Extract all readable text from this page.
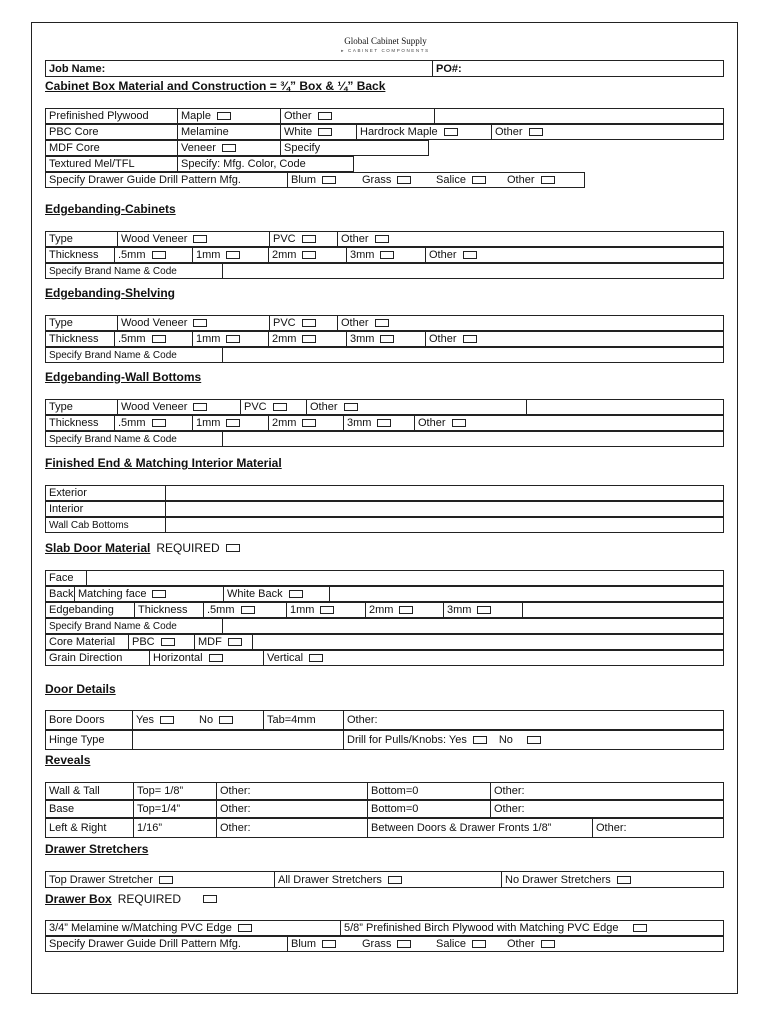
Global Cabinet Supply
▸ CABINET COMPONENTS
Job Name:	PO#:
Cabinet Box Material and Construction = ¾” Box & ¼” Back
Prefinished Plywood	Maple	Other
PBC Core	Melamine	White	Hardrock Maple	Other
MDF Core	Veneer	Specify
Textured Mel/TFL	Specify: Mfg. Color, Code
Specify Drawer Guide Drill Pattern Mfg.	Blum	Grass	Salice	Other
Edgebanding-Cabinets
Type	Wood Veneer	PVC	Other
Thickness .5mm	1mm	2mm	3mm	Other
Specify Brand Name & Code
Edgebanding-Shelving
Type	Wood Veneer	PVC	Other
Thickness .5mm	1mm	2mm	3mm	Other
Specify Brand Name & Code
Edgebanding-Wall Bottoms
Type	Wood Veneer	PVC	Other
Thickness .5mm	1mm	2mm	3mm	Other
Specify Brand Name & Code
Finished End & Matching Interior Material
Exterior
Interior
Wall Cab Bottoms
Slab Door Material REQUIRED
Face
Back Matching face	White Back
Edgebanding	Thickness .5mm	1mm	2mm	3mm
Specify Brand Name & Code
Core Material PBC	MDF
Grain Direction	Horizontal	Vertical
Door Details
Bore Doors	Yes	No	Tab=4mm	Other:
Hinge Type	Drill for Pulls/Knobs: Yes	No
Reveals
Wall & Tall	Top= 1/8”	Other:	Bottom=0	Other:
Base	Top=1/4”	Other:	Bottom=0	Other:
Left & Right	1/16”	Other:	Between Doors & Drawer Fronts 1/8”	Other:
Drawer Stretchers
Top Drawer Stretcher	All Drawer Stretchers	No Drawer Stretchers
Drawer Box REQUIRED
3/4” Melamine w/Matching PVC Edge	5/8” Prefinished Birch Plywood with Matching PVC Edge
Specify Drawer Guide Drill Pattern Mfg.	Blum	Grass	Salice	Other
